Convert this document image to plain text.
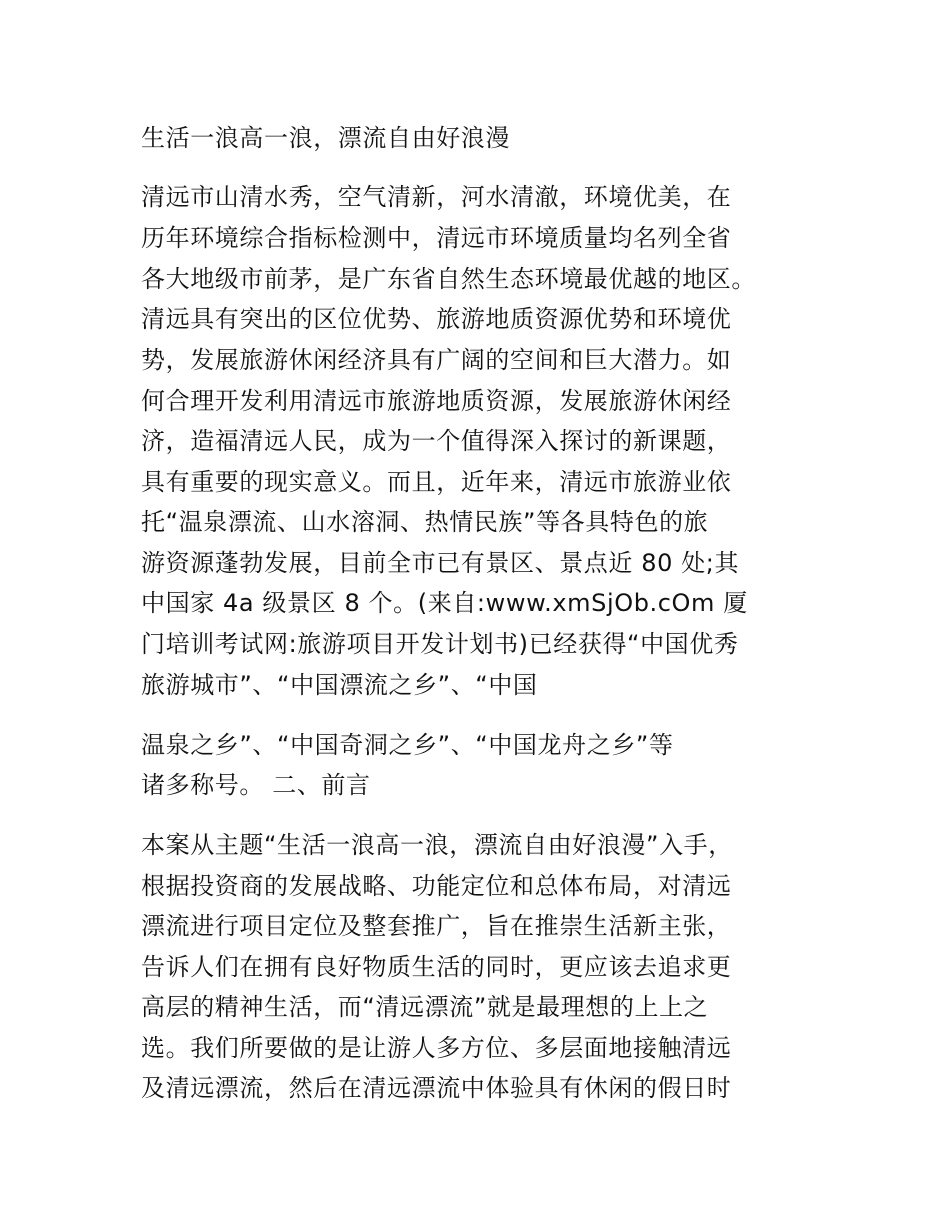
生活一浪高一浪，漂流自由好浪漫
清远市山清水秀，空气清新，河水清澈，环境优美，在
历年环境综合指标检测中，清远市环境质量均名列全省
各大地级市前茅，是广东省自然生态环境最优越的地区。
清远具有突出的区位优势、旅游地质资源优势和环境优
势，发展旅游休闲经济具有广阔的空间和巨大潜力。如
何合理开发利用清远市旅游地质资源，发展旅游休闲经
济，造福清远人民，成为一个值得深入探讨的新课题，
具有重要的现实意义。而且，近年来，清远市旅游业依
托“温泉漂流、山水溶洞、热情民族”等各具特色的旅
游资源蓬勃发展，目前全市已有景区、景点近 80 处;其
中国家 4a 级景区 8 个。(来自:www.xmSjOb.cOm 厦
门培训考试网:旅游项目开发计划书)已经获得“中国优秀
旅游城市”、“中国漂流之乡”、“中国
温泉之乡”、“中国奇洞之乡”、“中国龙舟之乡”等
诸多称号。 二、前言
本案从主题“生活一浪高一浪，漂流自由好浪漫”入手，
根据投资商的发展战略、功能定位和总体布局，对清远
漂流进行项目定位及整套推广，旨在推崇生活新主张，
告诉人们在拥有良好物质生活的同时，更应该去追求更
高层的精神生活，而“清远漂流”就是最理想的上上之
选。我们所要做的是让游人多方位、多层面地接触清远
及清远漂流，然后在清远漂流中体验具有休闲的假日时
